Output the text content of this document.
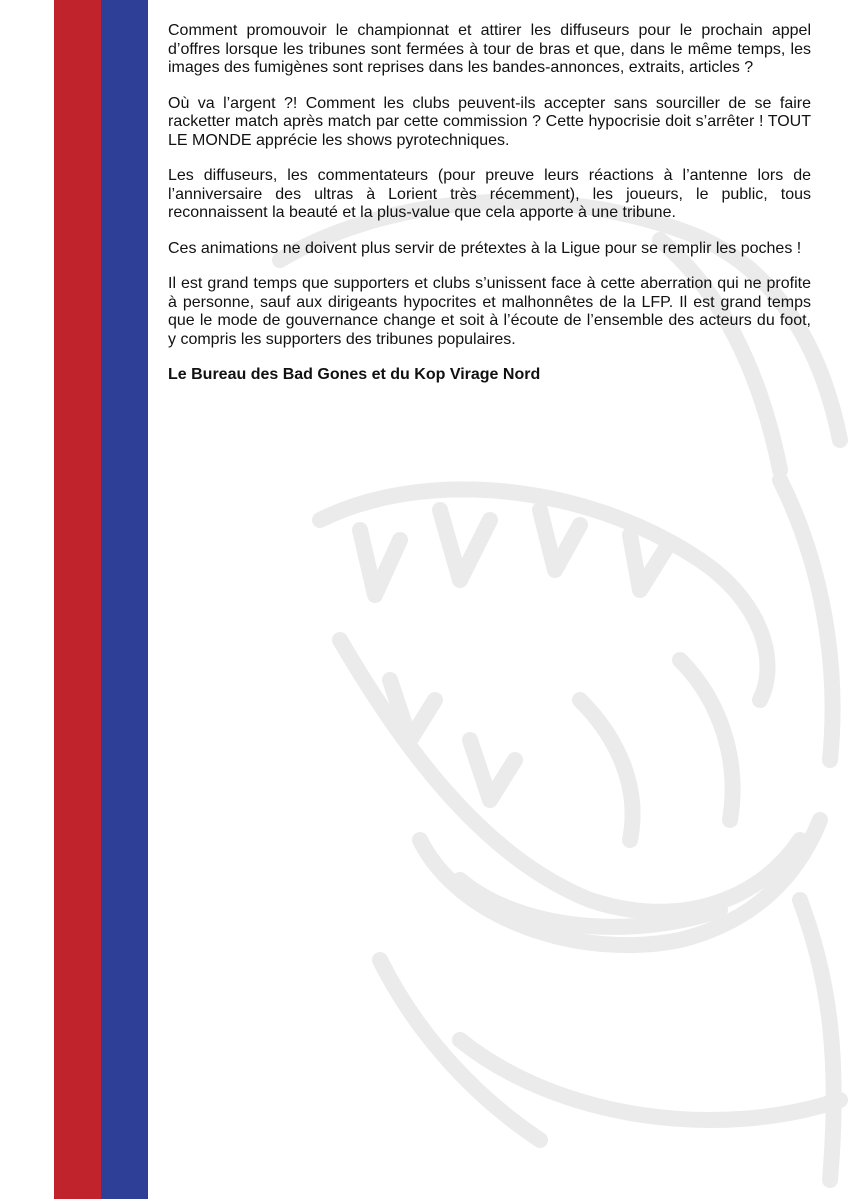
Comment promouvoir le championnat et attirer les diffuseurs pour le prochain appel d’offres lorsque les tribunes sont fermées à tour de bras et que, dans le même temps, les images des fumigènes sont reprises dans les bandes-annonces, extraits, articles ?

Où va l’argent ?! Comment les clubs peuvent-ils accepter sans sourciller de se faire racketter match après match par cette commission ? Cette hypocrisie doit s’arrêter ! TOUT LE MONDE apprécie les shows pyrotechniques.

Les diffuseurs, les commentateurs (pour preuve leurs réactions à l’antenne lors de l’anniversaire des ultras à Lorient très récemment), les joueurs, le public, tous reconnaissent la beauté et la plus-value que cela apporte à une tribune.

Ces animations ne doivent plus servir de prétextes à la Ligue pour se remplir les poches !

Il est grand temps que supporters et clubs s’unissent face à cette aberration qui ne profite à personne, sauf aux dirigeants hypocrites et malhonnêtes de la LFP. Il est grand temps que le mode de gouvernance change et soit à l’écoute de l’ensemble des acteurs du foot, y compris les supporters des tribunes populaires.

Le Bureau des Bad Gones et du Kop Virage Nord
